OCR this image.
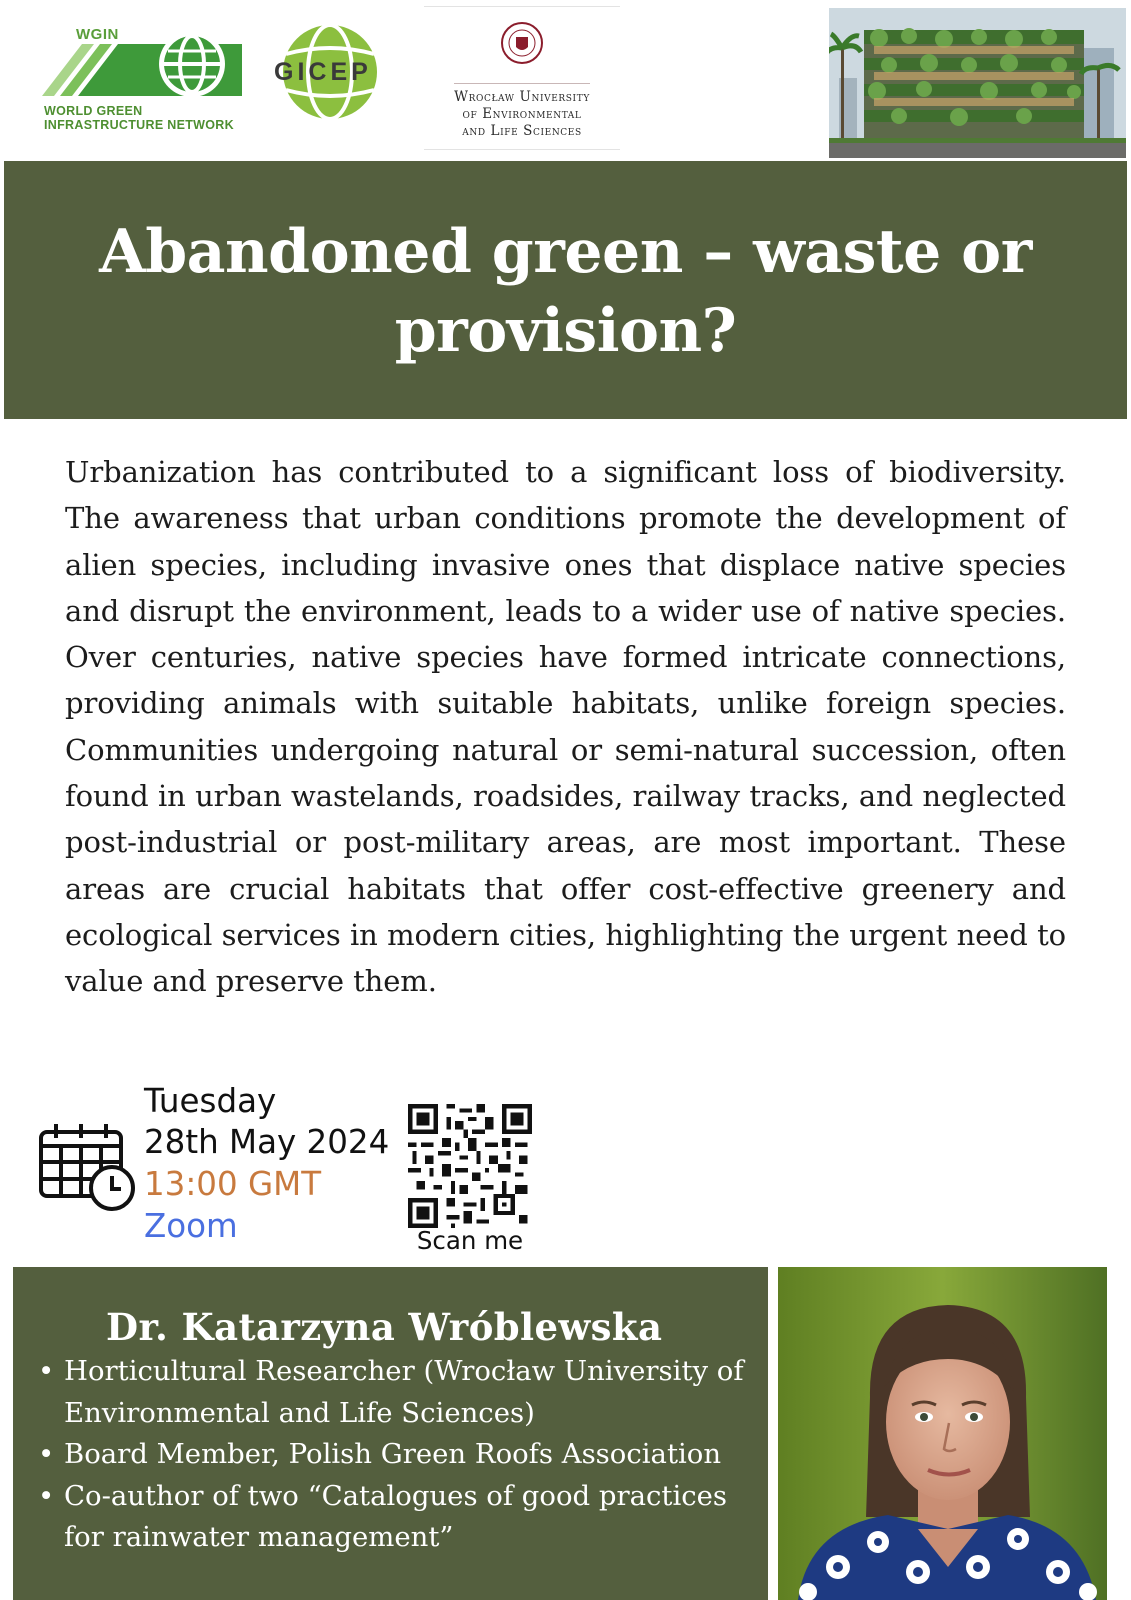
WGIN
WORLD GREEN
INFRASTRUCTURE NETWORK
GICEP
Wrocław University
of Environmental
and Life Sciences
Abandoned green – waste or provision?

Urbanization has contributed to a significant loss of biodiversity. The awareness that urban conditions promote the development of alien species, including invasive ones that displace native species and disrupt the environment, leads to a wider use of native species. Over centuries, native species have formed intricate connections, providing animals with suitable habitats, unlike foreign species. Communities undergoing natural or semi-natural succession, often found in urban wastelands, roadsides, railway tracks, and neglected post-industrial or post-military areas, are most important. These areas are crucial habitats that offer cost-effective greenery and ecological services in modern cities, highlighting the urgent need to value and preserve them.

Tuesday
28th May 2024
13:00 GMT
Zoom	Scan me
Dr. Katarzyna Wróblewska
• Horticultural Researcher (Wrocław University of Environmental and Life Sciences)
• Board Member, Polish Green Roofs Association
• Co-author of two “Catalogues of good practices for rainwater management”
